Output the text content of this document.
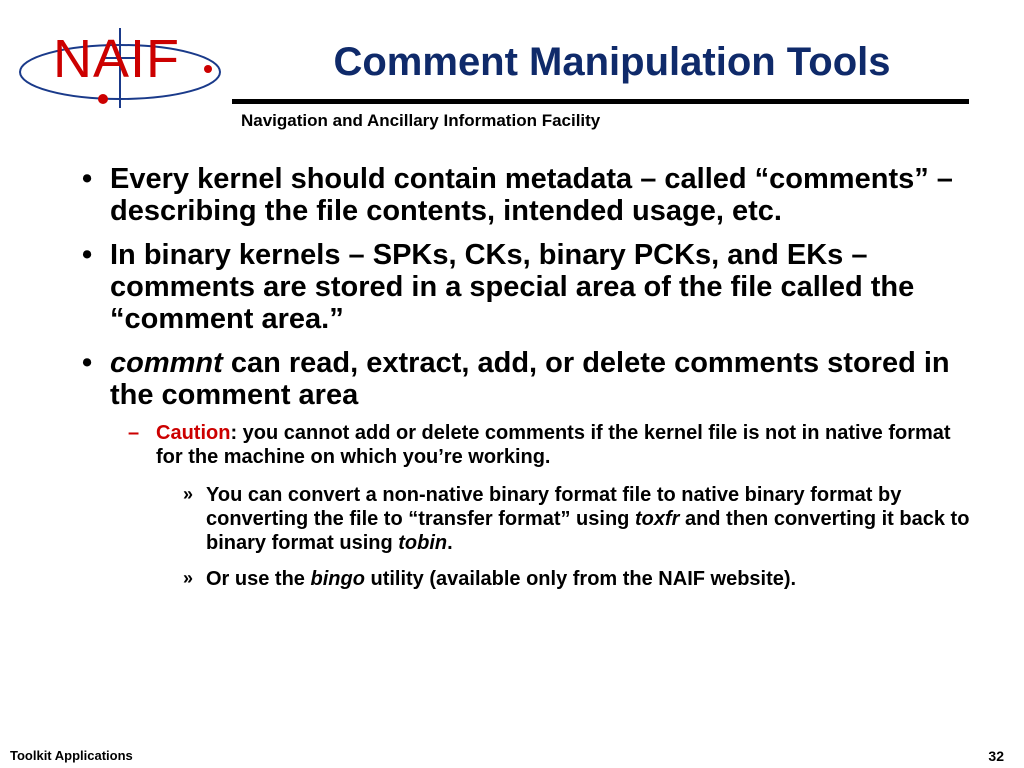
NAIF	Comment Manipulation Tools
Navigation and Ancillary Information Facility
• Every kernel should contain metadata – called “comments” – describing the file contents, intended usage, etc.
• In binary kernels – SPKs, CKs, binary PCKs, and EKs – comments are stored in a special area of the file called the “comment area.”
• commnt can read, extract, add, or delete comments stored in the comment area
– Caution: you cannot add or delete comments if the kernel file is not in native format for the machine on which you’re working.
» You can convert a non-native binary format file to native binary format by converting the file to “transfer format” using toxfr and then converting it back to binary format using tobin.
» Or use the bingo utility (available only from the NAIF website).
Toolkit Applications	32
